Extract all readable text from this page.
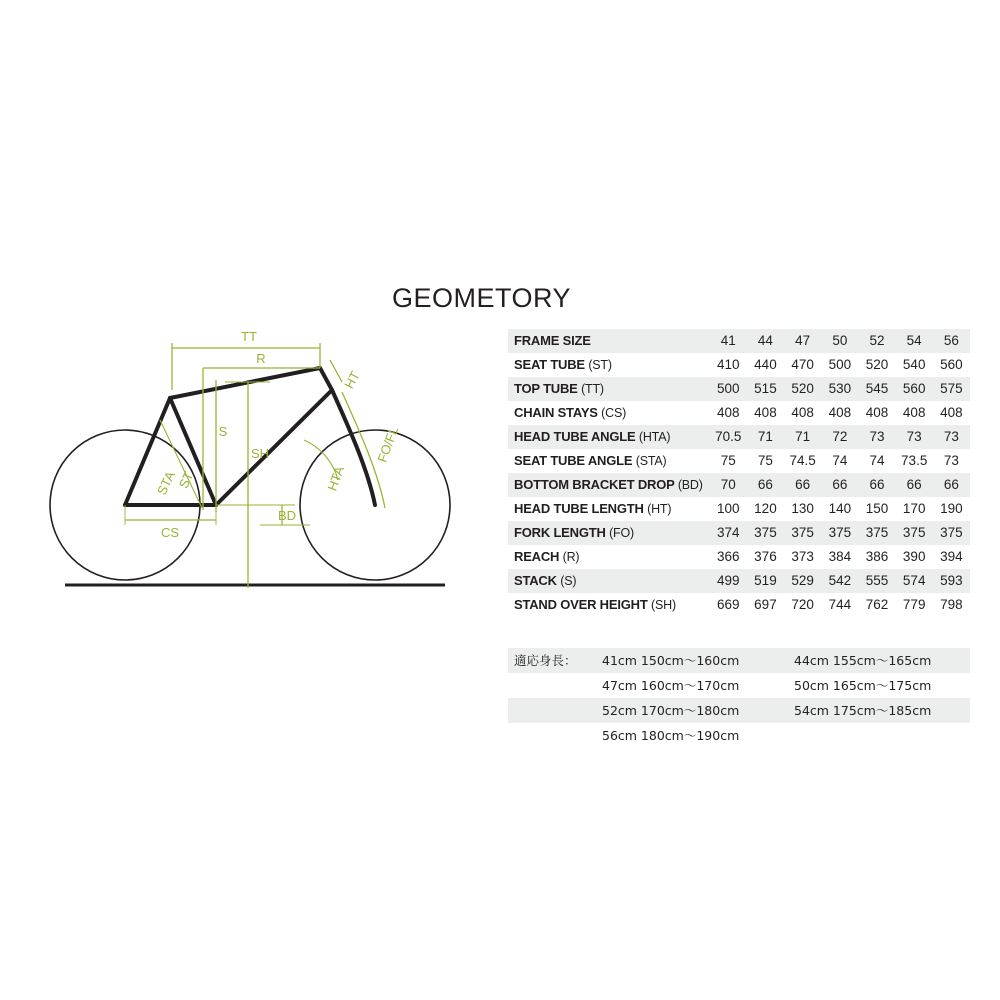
GEOMETORY
TT
R
S
SH
BD
CS
HT
FO/FL
STA
ST	HTA
FRAME SIZE	41	44	47	50	52	54	56
SEAT TUBE (ST)	410	440	470	500	520	540	560
TOP TUBE (TT)	500	515	520	530	545	560	575
CHAIN STAYS (CS)	408	408	408	408	408	408	408
HEAD TUBE ANGLE (HTA)	70.5	71	71	72	73	73	73
SEAT TUBE ANGLE (STA)	75	75	74.5	74	74	73.5	73
BOTTOM BRACKET DROP (BD)	70	66	66	66	66	66	66
HEAD TUBE LENGTH (HT)	100	120	130	140	150	170	190
FORK LENGTH (FO)	374	375	375	375	375	375	375
REACH (R)	366	376	373	384	386	390	394
STACK (S)	499	519	529	542	555	574	593
STAND OVER HEIGHT (SH)	669	697	720	744	762	779	798
適応身長：	41cm 150cm〜160cm	44cm 155cm〜165cm
	47cm 160cm〜170cm	50cm 165cm〜175cm
	52cm 170cm〜180cm	54cm 175cm〜185cm
	56cm 180cm〜190cm	
